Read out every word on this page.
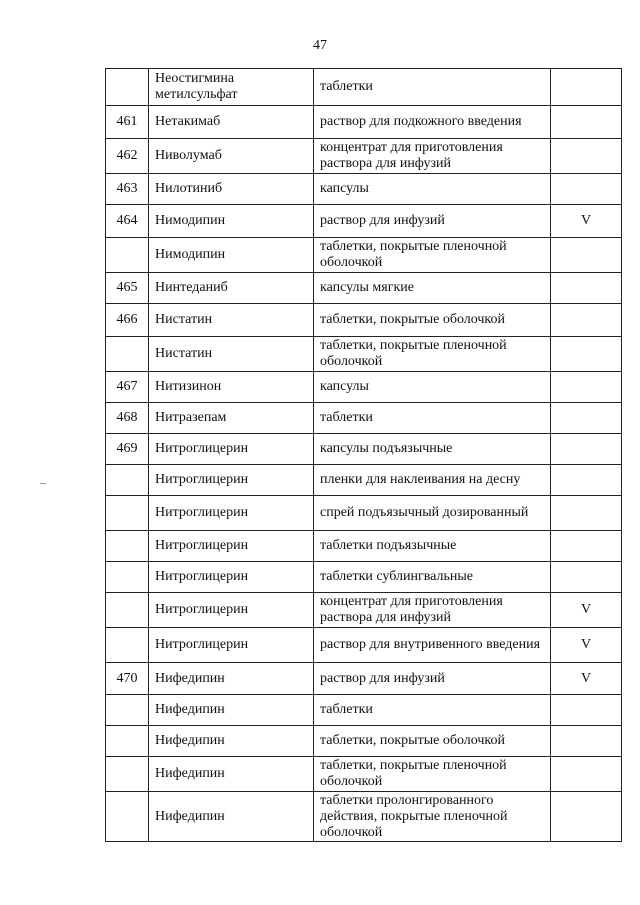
47
	Неостигмина метилсульфат	таблетки	
461	Нетакимаб	раствор для подкожного введения	
462	Ниволумаб	концентрат для приготовления раствора для инфузий	
463	Нилотиниб	капсулы	
464	Нимодипин	раствор для инфузий	V
	Нимодипин	таблетки, покрытые пленочной оболочкой	
465	Нинтеданиб	капсулы мягкие	
466	Нистатин	таблетки, покрытые оболочкой	
	Нистатин	таблетки, покрытые пленочной оболочкой	
467	Нитизинон	капсулы	
468	Нитразепам	таблетки	
469	Нитроглицерин	капсулы подъязычные	
	Нитроглицерин	пленки для наклеивания на десну	
	Нитроглицерин	спрей подъязычный дозированный	
	Нитроглицерин	таблетки подъязычные	
	Нитроглицерин	таблетки сублингвальные	
	Нитроглицерин	концентрат для приготовления раствора для инфузий	V
	Нитроглицерин	раствор для внутривенного введения	V
470	Нифедипин	раствор для инфузий	V
	Нифедипин	таблетки	
	Нифедипин	таблетки, покрытые оболочкой	
	Нифедипин	таблетки, покрытые пленочной оболочкой	
	Нифедипин	таблетки пролонгированного действия, покрытые пленочной оболочкой	
